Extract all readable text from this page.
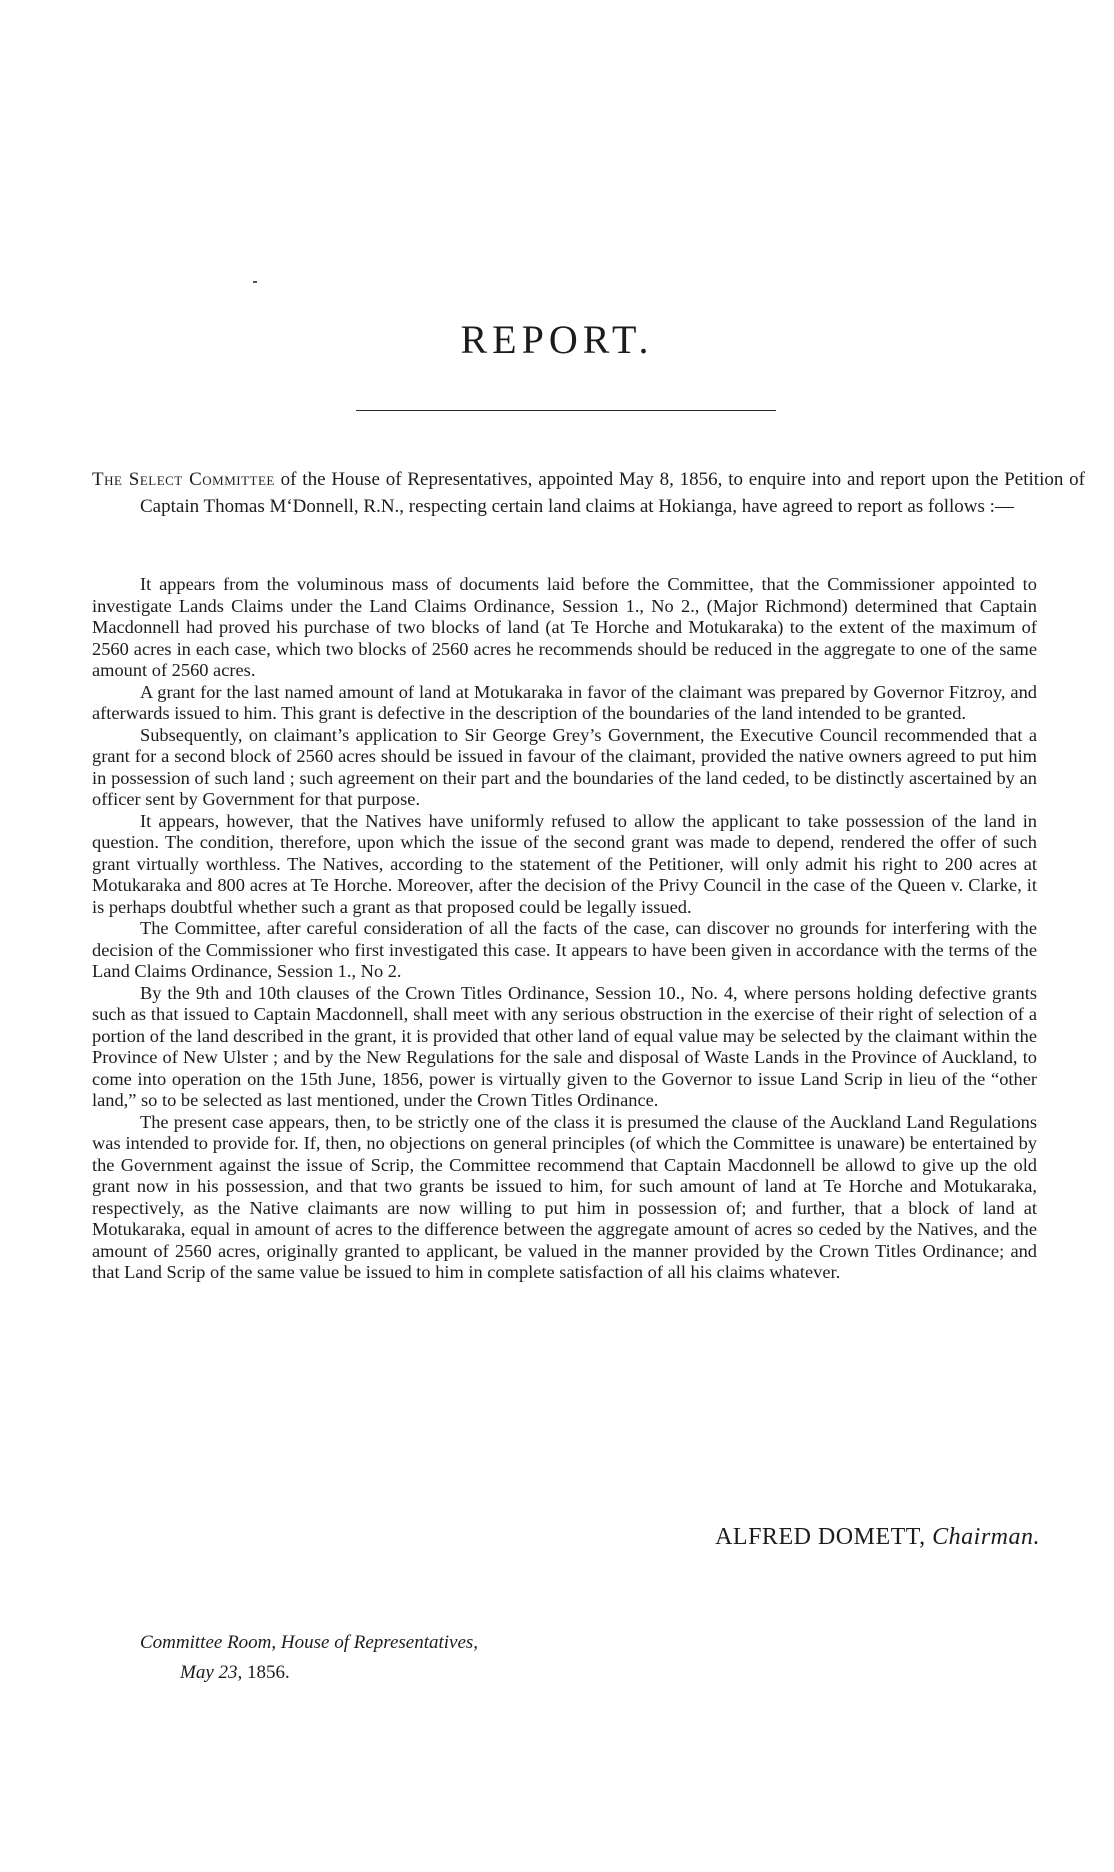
REPORT.

The Select Committee of the House of Representatives, appointed May 8, 1856, to enquire into and report upon the Petition of Captain Thomas M‘Donnell, R.N., respecting certain land claims at Hokianga, have agreed to report as follows :—

It appears from the voluminous mass of documents laid before the Committee, that the Commissioner appointed to investigate Lands Claims under the Land Claims Ordinance, Session 1., No 2., (Major Richmond) determined that Captain Macdonnell had proved his purchase of two blocks of land (at Te Horche and Motukaraka) to the extent of the maximum of 2560 acres in each case, which two blocks of 2560 acres he recommends should be reduced in the aggregate to one of the same amount of 2560 acres.

A grant for the last named amount of land at Motukaraka in favor of the claimant was prepared by Governor Fitzroy, and afterwards issued to him. This grant is defective in the description of the boundaries of the land intended to be granted.

Subsequently, on claimant’s application to Sir George Grey’s Government, the Executive Council recommended that a grant for a second block of 2560 acres should be issued in favour of the claimant, provided the native owners agreed to put him in possession of such land ; such agreement on their part and the boundaries of the land ceded, to be distinctly ascertained by an officer sent by Government for that purpose.

It appears, however, that the Natives have uniformly refused to allow the applicant to take possession of the land in question. The condition, therefore, upon which the issue of the second grant was made to depend, rendered the offer of such grant virtually worthless. The Natives, according to the statement of the Petitioner, will only admit his right to 200 acres at Motukaraka and 800 acres at Te Horche. Moreover, after the decision of the Privy Council in the case of the Queen v. Clarke, it is perhaps doubtful whether such a grant as that proposed could be legally issued.

The Committee, after careful consideration of all the facts of the case, can discover no grounds for interfering with the decision of the Commissioner who first investigated this case. It appears to have been given in accordance with the terms of the Land Claims Ordinance, Session 1., No 2.

By the 9th and 10th clauses of the Crown Titles Ordinance, Session 10., No. 4, where persons holding defective grants such as that issued to Captain Macdonnell, shall meet with any serious obstruction in the exercise of their right of selection of a portion of the land described in the grant, it is provided that other land of equal value may be selected by the claimant within the Province of New Ulster ; and by the New Regulations for the sale and disposal of Waste Lands in the Province of Auckland, to come into operation on the 15th June, 1856, power is virtually given to the Governor to issue Land Scrip in lieu of the “other land,” so to be selected as last mentioned, under the Crown Titles Ordinance.

The present case appears, then, to be strictly one of the class it is presumed the clause of the Auckland Land Regulations was intended to provide for. If, then, no objections on general principles (of which the Committee is unaware) be entertained by the Government against the issue of Scrip, the Committee recommend that Captain Macdonnell be allowd to give up the old grant now in his possession, and that two grants be issued to him, for such amount of land at Te Horche and Motukaraka, respectively, as the Native claimants are now willing to put him in possession of; and further, that a block of land at Motukaraka, equal in amount of acres to the difference between the aggregate amount of acres so ceded by the Natives, and the amount of 2560 acres, originally granted to applicant, be valued in the manner provided by the Crown Titles Ordinance; and that Land Scrip of the same value be issued to him in complete satisfaction of all his claims whatever.

ALFRED DOMETT, Chairman.

Committee Room, House of Representatives,
May 23, 1856.
